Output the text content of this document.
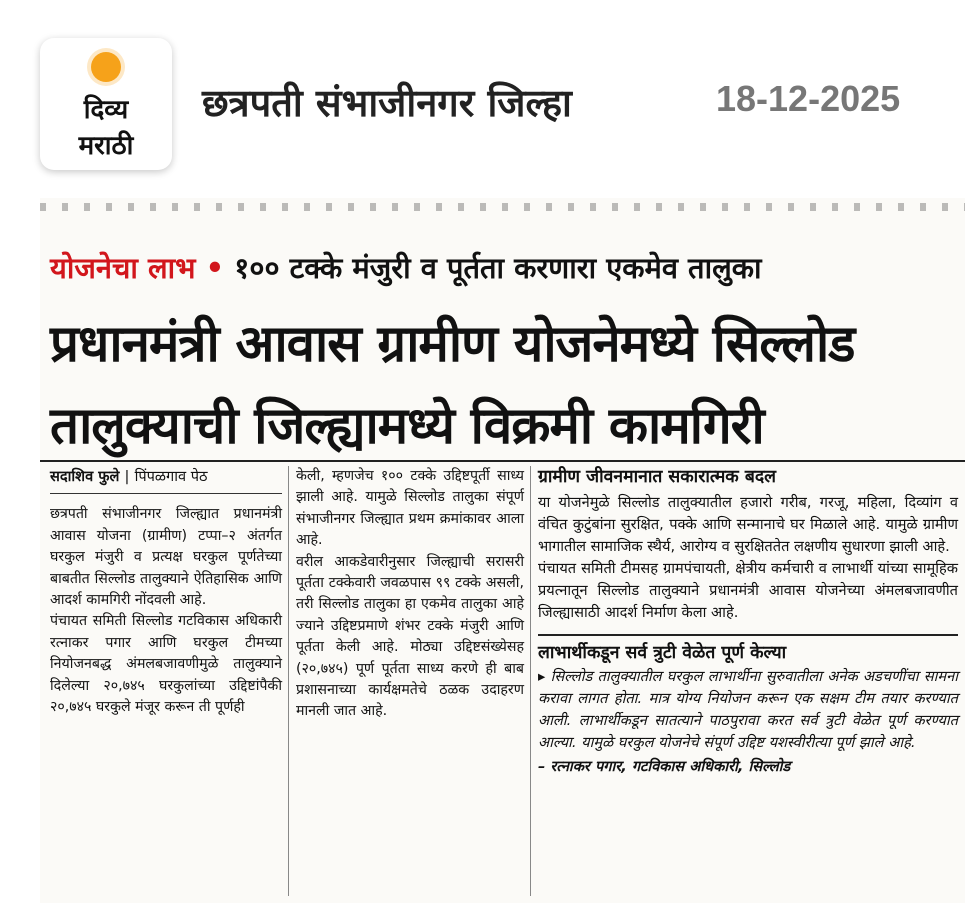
दिव्य
मराठी
छत्रपती संभाजीनगर जिल्हा	18-12-2025
योजनेचा लाभ • १०० टक्के मंजुरी व पूर्तता करणारा एकमेव तालुका
प्रधानमंत्री आवास ग्रामीण योजनेमध्ये सिल्लोड
तालुक्याची जिल्ह्यामध्ये विक्रमी कामगिरी

सदाशिव फुले | पिंपळगाव पेठ

छत्रपती संभाजीनगर जिल्ह्यात प्रधानमंत्री आवास योजना (ग्रामीण) टप्पा–२ अंतर्गत घरकुल मंजुरी व प्रत्यक्ष घरकुल पूर्णतेच्या बाबतीत सिल्लोड तालुक्याने ऐतिहासिक आणि आदर्श कामगिरी नोंदवली आहे.

पंचायत समिती सिल्लोड गटविकास अधिकारी रत्नाकर पगार आणि घरकुल टीमच्या नियोजनबद्ध अंमलबजावणीमुळे तालुक्याने दिलेल्या २०,७४५ घरकुलांच्या उद्दिष्टांपैकी २०,७४५ घरकुले मंजूर करून ती पूर्णही

केली, म्हणजेच १०० टक्के उद्दिष्टपूर्ती साध्य झाली आहे. यामुळे सिल्लोड तालुका संपूर्ण संभाजीनगर जिल्ह्यात प्रथम क्रमांकावर आला आहे.

वरील आकडेवारीनुसार जिल्ह्याची सरासरी पूर्तता टक्केवारी जवळपास ९९ टक्के असली, तरी सिल्लोड तालुका हा एकमेव तालुका आहे ज्याने उद्दिष्टप्रमाणे शंभर टक्के मंजुरी आणि पूर्तता केली आहे. मोठ्या उद्दिष्टसंख्येसह (२०,७४५) पूर्ण पूर्तता साध्य करणे ही बाब प्रशासनाच्या कार्यक्षमतेचे ठळक उदाहरण मानली जात आहे.

ग्रामीण जीवनमानात सकारात्मक बदल

या योजनेमुळे सिल्लोड तालुक्यातील हजारो गरीब, गरजू, महिला, दिव्यांग व वंचित कुटुंबांना सुरक्षित, पक्के आणि सन्मानाचे घर मिळाले आहे. यामुळे ग्रामीण भागातील सामाजिक स्थैर्य, आरोग्य व सुरक्षिततेत लक्षणीय सुधारणा झाली आहे.

पंचायत समिती टीमसह ग्रामपंचायती, क्षेत्रीय कर्मचारी व लाभार्थी यांच्या सामूहिक प्रयत्नातून सिल्लोड तालुक्याने प्रधानमंत्री आवास योजनेच्या अंमलबजावणीत जिल्ह्यासाठी आदर्श निर्माण केला आहे.

लाभार्थीकडून सर्व त्रुटी वेळेत पूर्ण केल्या

▸ सिल्लोड तालुक्यातील घरकुल लाभार्थीना सुरुवातीला अनेक अडचणींचा सामना करावा लागत होता. मात्र योग्य नियोजन करून एक सक्षम टीम तयार करण्यात आली. लाभार्थीकडून सातत्याने पाठपुरावा करत सर्व त्रुटी वेळेत पूर्ण करण्यात आल्या. यामुळे घरकुल योजनेचे संपूर्ण उद्दिष्ट यशस्वीरीत्या पूर्ण झाले आहे.

– रत्नाकर पगार, गटविकास अधिकारी, सिल्लोड
